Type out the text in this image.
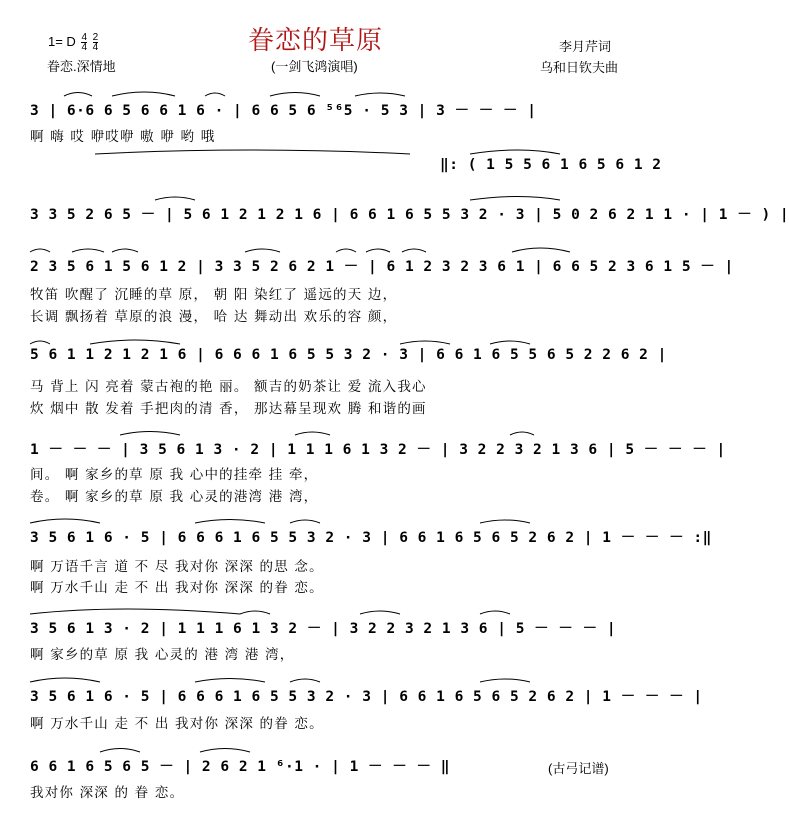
1= D $\frac{4}{4}$
$\frac{2}{4}$	眷恋的草原
眷恋.深情地	(一剑飞鸿演唱)
李月芹词
乌和日钦夫曲
3 | 6·6 6 5 6 6 1 6 · | 6 6 5 6 ⁵⁶5 · 5 3 | 3 － － － |
啊 嗨 哎 咿哎咿 嗷 咿 哟 哦
‖: ( 1 5 5 6 1 6 5 6 1 2
3 3 5 2 6 5 － | 5 6 1 2 1 2 1 6 | 6 6 1 6 5 5 3 2 · 3 | 5 0 2 6 2 1 1 · | 1 － ) |
2 3 5 6 1 5 6 1 2 | 3 3 5 2 6 2 1 － | 6 1 2 3 2 3 6 1 | 6 6 5 2 3 6 1 5 － |
牧笛 吹醒了 沉睡的草 原， 朝 阳 染红了 遥远的天 边，
长调 飘扬着 草原的浪 漫， 哈 达 舞动出 欢乐的容 颜，
5 6 1 1 2 1 2 1 6 | 6 6 6 1 6 5 5 3 2 · 3 | 6 6 1 6 5 5 6 5 2 2 6 2 |
马 背上 闪 亮着 蒙古袍的艳 丽。 额吉的奶茶让 爱 流入我心
炊 烟中 散 发着 手把肉的清 香， 那达幕呈现欢 腾 和谐的画
1 － － － | 3 5 6 1 3 · 2 | 1 1 1 6 1 3 2 － | 3 2 2 3 2 1 3 6 | 5 － － － |
间。 啊 家乡的草 原 我 心中的挂牵 挂 牵，
卷。 啊 家乡的草 原 我 心灵的港湾 港 湾，
3 5 6 1 6 · 5 | 6 6 6 1 6 5 5 3 2 · 3 | 6 6 1 6 5 6 5 2 6 2 | 1 － － － :‖
啊 万语千言 道 不 尽 我对你 深深 的思 念。
啊 万水千山 走 不 出 我对你 深深 的眷 恋。
3 5 6 1 3 · 2 | 1 1 1 6 1 3 2 － | 3 2 2 3 2 1 3 6 | 5 － － － |
啊 家乡的草 原 我 心灵的 港 湾 港 湾，
3 5 6 1 6 · 5 | 6 6 6 1 6 5 5 3 2 · 3 | 6 6 1 6 5 6 5 2 6 2 | 1 － － － |
啊 万水千山 走 不 出 我对你 深深 的眷 恋。
6 6 1 6 5 6 5 － | 2 6 2 1 ⁶·1 · | 1 － － － ‖
我对你 深深 的 眷 恋。
(古弓记谱)
